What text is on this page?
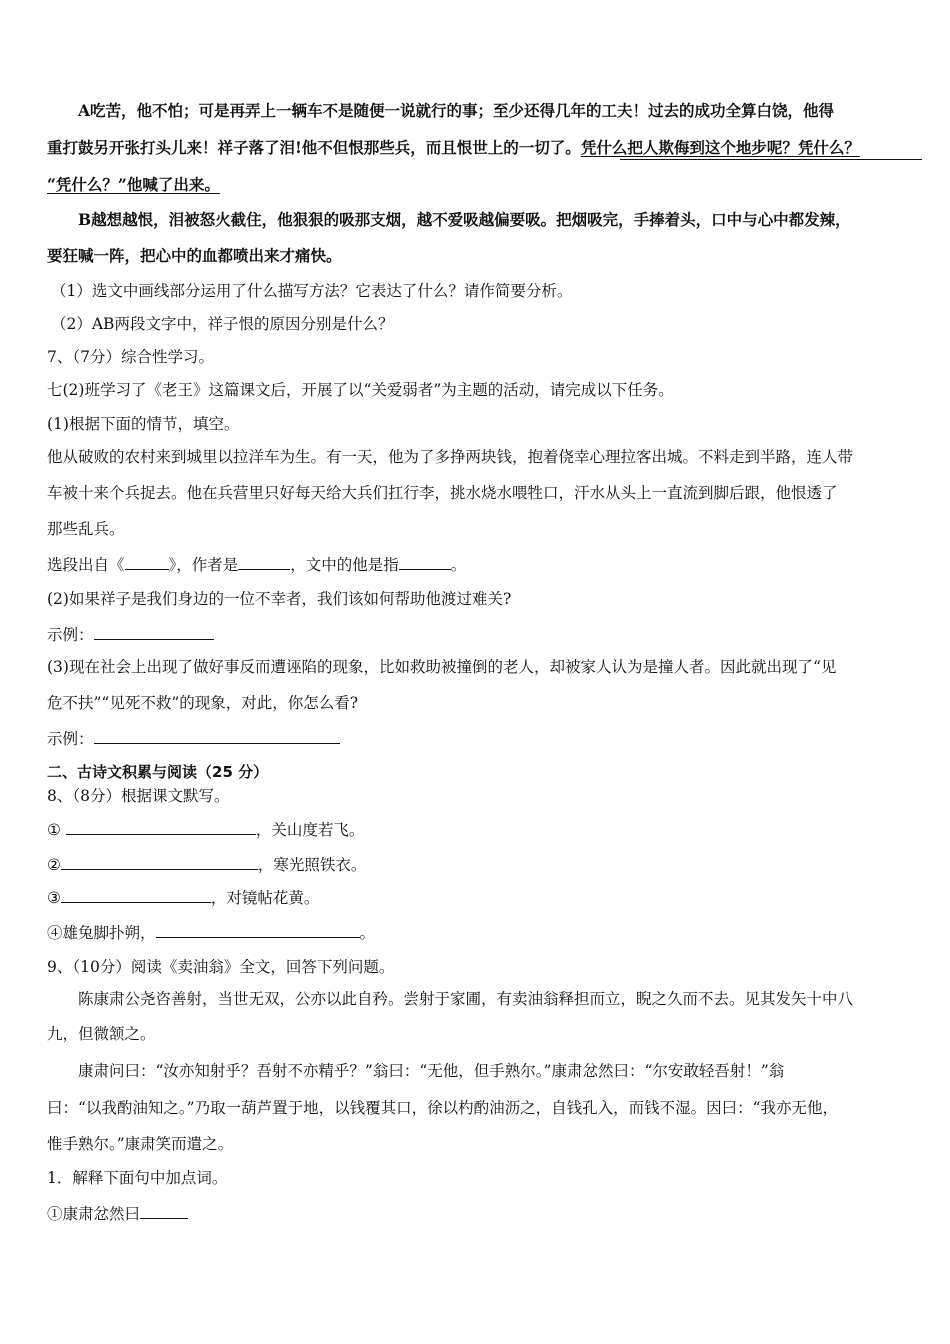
A吃苦，他不怕；可是再弄上一辆车不是随便一说就行的事；至少还得几年的工夫！过去的成功全算白饶，他得
重打鼓另开张打头儿来！祥子落了泪!他不但恨那些兵，而且恨世上的一切了。凭什么把人欺侮到这个地步呢？凭什么？
“凭什么？”他喊了出来。
B越想越恨，泪被怒火截住，他狠狠的吸那支烟，越不爱吸越偏要吸。把烟吸完，手捧着头，口中与心中都发辣，
要狂喊一阵，把心中的血都喷出来才痛快。
（1）选文中画线部分运用了什么描写方法？它表达了什么？请作简要分析。
（2）AB两段文字中，祥子恨的原因分别是什么？
7、（7分）综合性学习。
七(2)班学习了《老王》这篇课文后，开展了以“关爱弱者”为主题的活动，请完成以下任务。
(1)根据下面的情节，填空。
他从破败的农村来到城里以拉洋车为生。有一天，他为了多挣两块钱，抱着侥幸心理拉客出城。不料走到半路，连人带
车被十来个兵捉去。他在兵营里只好每天给大兵们扛行李，挑水烧水喂牲口，汗水从头上一直流到脚后跟，他恨透了
那些乱兵。
选段出自《	》，作者是	，文中的他是指	。
(2)如果祥子是我们身边的一位不幸者，我们该如何帮助他渡过难关?
示例：
(3)现在社会上出现了做好事反而遭诬陷的现象，比如救助被撞倒的老人，却被家人认为是撞人者。因此就出现了“见
危不扶”“见死不救”的现象，对此，你怎么看?
示例：
二、古诗文积累与阅读（25 分）
8、（8分）根据课文默写。
①	，关山度若飞。
②	，寒光照铁衣。
③	，对镜帖花黄。
④雄兔脚扑朔，	。
9、（10分）阅读《卖油翁》全文，回答下列问题。
陈康肃公尧咨善射，当世无双，公亦以此自矜。尝射于家圃，有卖油翁释担而立，睨之久而不去。见其发矢十中八
九，但微颔之。
康肃问曰：“汝亦知射乎？吾射不亦精乎？”翁曰：“无他，但手熟尔。”康肃忿然曰：“尔安敢轻吾射！”翁
曰：“以我酌油知之。”乃取一葫芦置于地，以钱覆其口，徐以杓酌油沥之，自钱孔入，而钱不湿。因曰：“我亦无他，
惟手熟尔。”康肃笑而遣之。
1．解释下面句中加点词。
①康肃忿然曰
